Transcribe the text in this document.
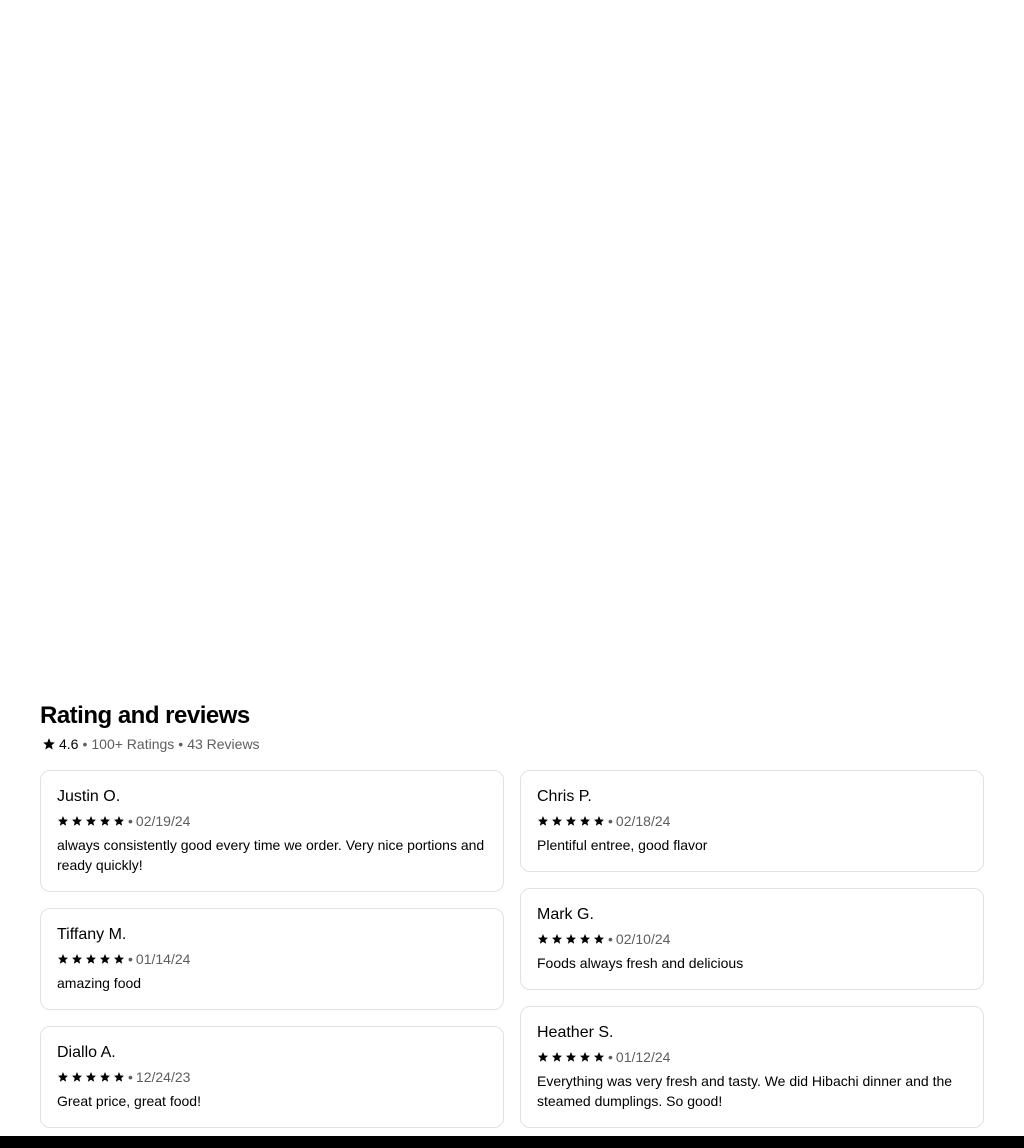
Rating and reviews
4.6 • 100+ Ratings • 43 Reviews
Justin O.
• 02/19/24
always consistently good every time we order. Very nice portions and ready quickly!
Tiffany M.
• 01/14/24
amazing food
Diallo A.
• 12/24/23
Great price, great food!
Chris P.
• 02/18/24
Plentiful entree, good flavor
Mark G.
• 02/10/24
Foods always fresh and delicious
Heather S.
• 01/12/24
Everything was very fresh and tasty. We did Hibachi dinner and the steamed dumplings. So good!
